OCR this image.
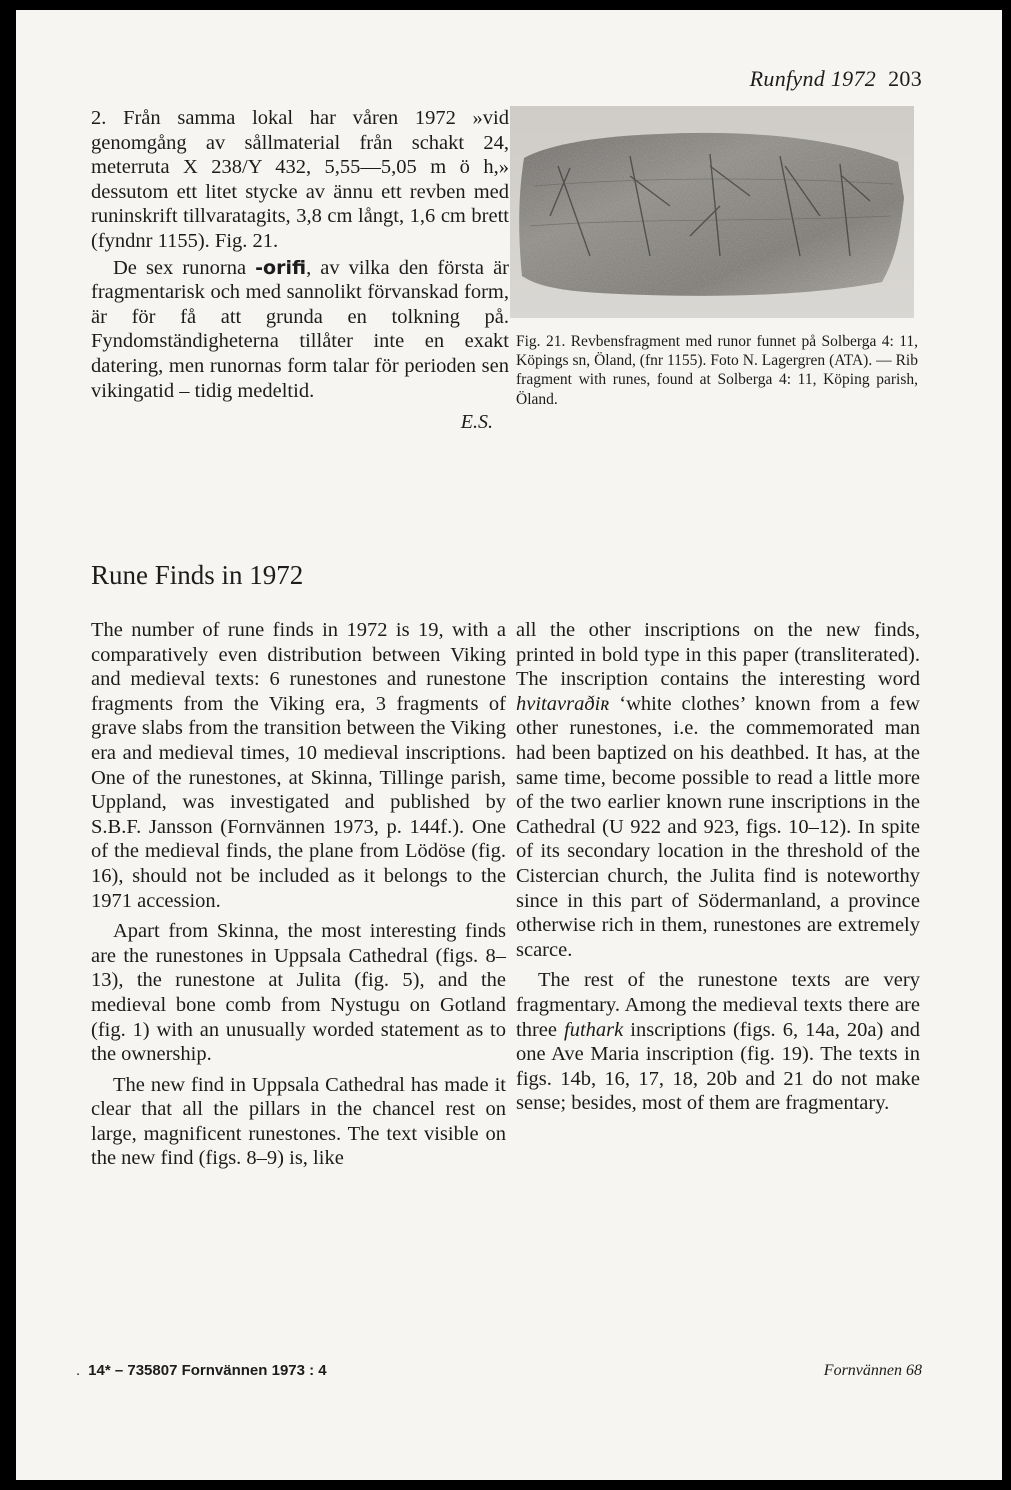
Runfynd 1972 203

2. Från samma lokal har våren 1972 »vid genomgång av sållmaterial från schakt 24, meterruta X 238/Y 432, 5,55—5,05 m ö h,» dessutom ett litet stycke av ännu ett revben med runinskrift tillvaratagits, 3,8 cm långt, 1,6 cm brett (fyndnr 1155). Fig. 21.

De sex runorna -orifi, av vilka den första är fragmentarisk och med sannolikt förvanskad form, är för få att grunda en tolkning på. Fyndomständigheterna tillåter inte en exakt datering, men runornas form talar för perioden sen vikingatid – tidig medeltid.

E.S.

Fig. 21. Revbensfragment med runor funnet på Solberga 4: 11, Köpings sn, Öland, (fnr 1155). Foto N. Lagergren (ATA). — Rib fragment with runes, found at Solberga 4: 11, Köping parish, Öland.

Rune Finds in 1972

The number of rune finds in 1972 is 19, with a comparatively even distribution between Viking and medieval texts: 6 runestones and runestone fragments from the Viking era, 3 fragments of grave slabs from the transition between the Viking era and medieval times, 10 medieval inscriptions. One of the runestones, at Skinna, Tillinge parish, Uppland, was investigated and published by S.B.F. Jansson (Fornvännen 1973, p. 144f.). One of the medieval finds, the plane from Lödöse (fig. 16), should not be included as it belongs to the 1971 accession.

Apart from Skinna, the most interesting finds are the runestones in Uppsala Cathedral (figs. 8–13), the runestone at Julita (fig. 5), and the medieval bone comb from Nystugu on Gotland (fig. 1) with an unusually worded statement as to the ownership.

The new find in Uppsala Cathedral has made it clear that all the pillars in the chancel rest on large, magnificent runestones. The text visible on the new find (figs. 8–9) is, like

all the other inscriptions on the new finds, printed in bold type in this paper (transliterated). The inscription contains the interesting word hvitavraðiʀ ‘white clothes’ known from a few other runestones, i.e. the commemorated man had been baptized on his deathbed. It has, at the same time, become possible to read a little more of the two earlier known rune inscriptions in the Cathedral (U 922 and 923, figs. 10–12). In spite of its secondary location in the threshold of the Cistercian church, the Julita find is noteworthy since in this part of Södermanland, a province otherwise rich in them, runestones are extremely scarce.

The rest of the runestone texts are very fragmentary. Among the medieval texts there are three futhark inscriptions (figs. 6, 14a, 20a) and one Ave Maria inscription (fig. 19). The texts in figs. 14b, 16, 17, 18, 20b and 21 do not make sense; besides, most of them are fragmentary.

. 14* – 735807 Fornvännen 1973 : 4	Fornvännen 68
